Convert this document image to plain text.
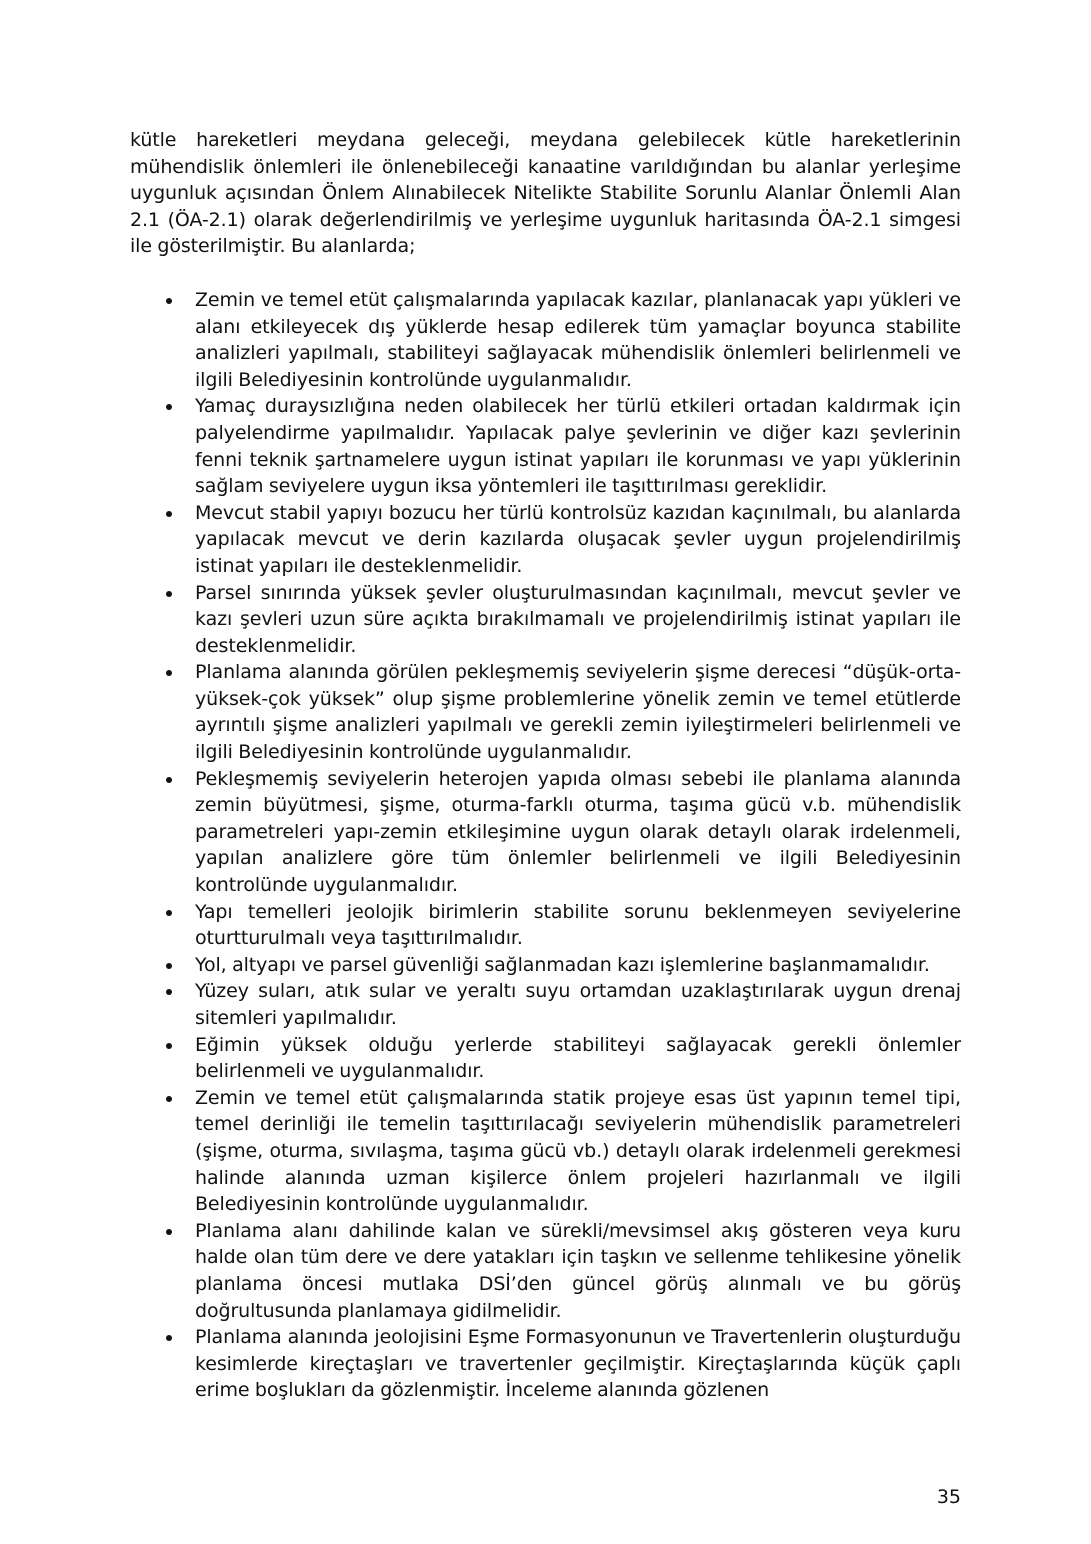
kütle hareketleri meydana geleceği, meydana gelebilecek kütle hareketlerinin mühendislik önlemleri ile önlenebileceği kanaatine varıldığından bu alanlar yerleşime uygunluk açısından Önlem Alınabilecek Nitelikte Stabilite Sorunlu Alanlar Önlemli Alan 2.1 (ÖA-2.1) olarak değerlendirilmiş ve yerleşime uygunluk haritasında ÖA-2.1 simgesi ile gösterilmiştir. Bu alanlarda;

Zemin ve temel etüt çalışmalarında yapılacak kazılar, planlanacak yapı yükleri ve alanı etkileyecek dış yüklerde hesap edilerek tüm yamaçlar boyunca stabilite analizleri yapılmalı, stabiliteyi sağlayacak mühendislik önlemleri belirlenmeli ve ilgili Belediyesinin kontrolünde uygulanmalıdır.
Yamaç duraysızlığına neden olabilecek her türlü etkileri ortadan kaldırmak için palyelendirme yapılmalıdır. Yapılacak palye şevlerinin ve diğer kazı şevlerinin fenni teknik şartnamelere uygun istinat yapıları ile korunması ve yapı yüklerinin sağlam seviyelere uygun iksa yöntemleri ile taşıttırılması gereklidir.
Mevcut stabil yapıyı bozucu her türlü kontrolsüz kazıdan kaçınılmalı, bu alanlarda yapılacak mevcut ve derin kazılarda oluşacak şevler uygun projelendirilmiş istinat yapıları ile desteklenmelidir.
Parsel sınırında yüksek şevler oluşturulmasından kaçınılmalı, mevcut şevler ve kazı şevleri uzun süre açıkta bırakılmamalı ve projelendirilmiş istinat yapıları ile desteklenmelidir.
Planlama alanında görülen pekleşmemiş seviyelerin şişme derecesi “düşük-orta-yüksek-çok yüksek” olup şişme problemlerine yönelik zemin ve temel etütlerde ayrıntılı şişme analizleri yapılmalı ve gerekli zemin iyileştirmeleri belirlenmeli ve ilgili Belediyesinin kontrolünde uygulanmalıdır.
Pekleşmemiş seviyelerin heterojen yapıda olması sebebi ile planlama alanında zemin büyütmesi, şişme, oturma-farklı oturma, taşıma gücü v.b. mühendislik parametreleri yapı-zemin etkileşimine uygun olarak detaylı olarak irdelenmeli, yapılan analizlere göre tüm önlemler belirlenmeli ve ilgili Belediyesinin kontrolünde uygulanmalıdır.
Yapı temelleri jeolojik birimlerin stabilite sorunu beklenmeyen seviyelerine oturtturulmalı veya taşıttırılmalıdır.
Yol, altyapı ve parsel güvenliği sağlanmadan kazı işlemlerine başlanmamalıdır.
Yüzey suları, atık sular ve yeraltı suyu ortamdan uzaklaştırılarak uygun drenaj sitemleri yapılmalıdır.
Eğimin yüksek olduğu yerlerde stabiliteyi sağlayacak gerekli önlemler belirlenmeli ve uygulanmalıdır.
Zemin ve temel etüt çalışmalarında statik projeye esas üst yapının temel tipi, temel derinliği ile temelin taşıttırılacağı seviyelerin mühendislik parametreleri (şişme, oturma, sıvılaşma, taşıma gücü vb.) detaylı olarak irdelenmeli gerekmesi halinde alanında uzman kişilerce önlem projeleri hazırlanmalı ve ilgili Belediyesinin kontrolünde uygulanmalıdır.
Planlama alanı dahilinde kalan ve sürekli/mevsimsel akış gösteren veya kuru halde olan tüm dere ve dere yatakları için taşkın ve sellenme tehlikesine yönelik planlama öncesi mutlaka DSİ’den güncel görüş alınmalı ve bu görüş doğrultusunda planlamaya gidilmelidir.
Planlama alanında jeolojisini Eşme Formasyonunun ve Travertenlerin oluşturduğu kesimlerde kireçtaşları ve travertenler geçilmiştir. Kireçtaşlarında küçük çaplı erime boşlukları da gözlenmiştir. İnceleme alanında gözlenen
35
